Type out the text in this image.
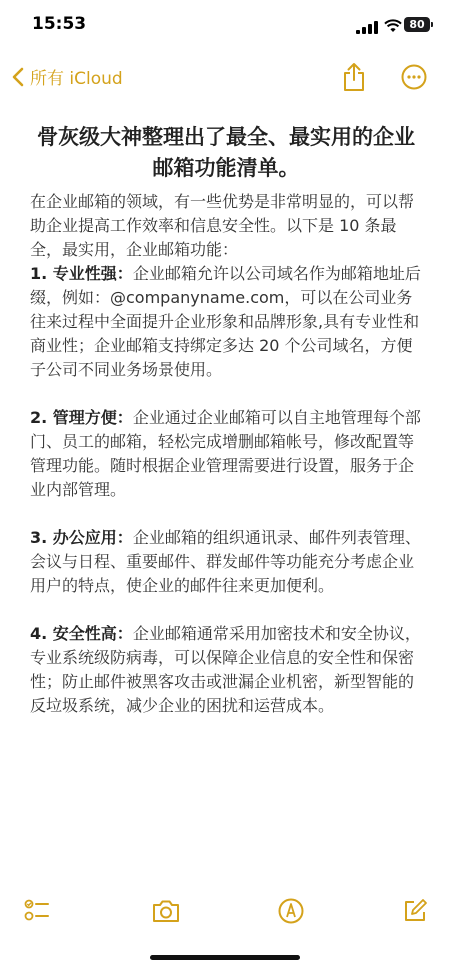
15:53	80
所有 iCloud
骨灰级大神整理出了最全、最实用的企业邮箱功能清单。

在企业邮箱的领域，有一些优势是非常明显的，可以帮助企业提高工作效率和信息安全性。以下是 10 条最全，最实用，企业邮箱功能：

1. 专业性强：企业邮箱允许以公司域名作为邮箱地址后缀，例如：@companyname.com，可以在公司业务往来过程中全面提升企业形象和品牌形象,具有专业性和商业性；企业邮箱支持绑定多达 20 个公司域名，方便子公司不同业务场景使用。

2. 管理方便：企业通过企业邮箱可以自主地管理每个部门、员工的邮箱，轻松完成增删邮箱帐号，修改配置等管理功能。随时根据企业管理需要进行设置，服务于企业内部管理。

3. 办公应用：企业邮箱的组织通讯录、邮件列表管理、会议与日程、重要邮件、群发邮件等功能充分考虑企业用户的特点，使企业的邮件往来更加便利。

4. 安全性高：企业邮箱通常采用加密技术和安全协议，专业系统级防病毒，可以保障企业信息的安全性和保密性；防止邮件被黑客攻击或泄漏企业机密，新型智能的反垃圾系统，减少企业的困扰和运营成本。
